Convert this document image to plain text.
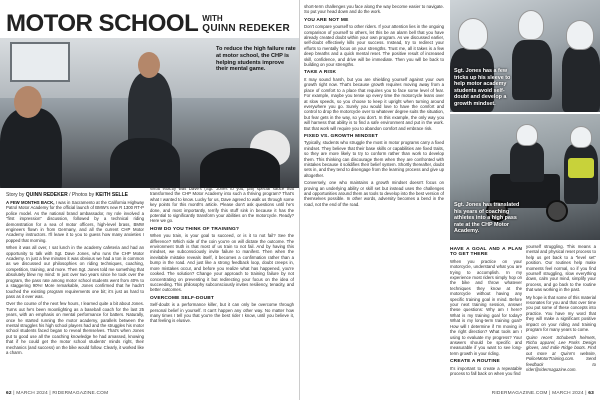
MOTOR SCHOOL WITH
QUINN REDEKER
To reduce the high failure rate at motor school, the CHP is helping students improve their mental game.
Story by QUINN REDEKER / Photos by KEITH SELLE

A FEW MONTHS BACK, I was in Sacramento at the California Highway Patrol Motor Academy for the official launch of BMW's new R 1300 RT-P police model. As the national brand ambassador, my role involved a "first impression" discussion, followed by a technical riding demonstration for a sea of motor officers, high-level brass, BMW engineers flown in from Germany, and all the current CHP Motor Academy instructors. I'll leave it to you to guess how many anxieties I popped that morning.

When it was all over, I sat lunch in the academy cafeteria and had an opportunity to talk with Sgt. Dave Jones, who runs the CHP Motor Academy. In just a few minutes it was obvious we had a ton in common as we discussed our philosophies on riding techniques, coaching, competition, training, and more. Then Sgt. Jones told me something that absolutely blew my mind: In just over two years since he took over the program, the pass rate among motor school students went from 40% to a staggering 90%! More remarkable, Jones confirmed that he hadn't touched the existing program requirements one bit; it's just as hard to pass as it ever was.

Over the course of the next few hours, I learned quite a bit about Jones. Turns out he's been moonlighting as a baseball coach for the last 25 years, with an emphasis on mental performance for batters. Naturally, once he started running the motor academy, parallels between the mental struggles his high school players had and the struggles his motor school students faced began to reveal themselves. That's when Jones put to good use all the coaching knowledge he had amassed, knowing that if he could get the motor school students' minds right, their mechanics (and success) on the bike would follow. Clearly, it worked like a charm.

What exactly was Dave's (Sgt. Jones to you, pal) special sauce that transformed the CHP Motor Academy into such a thriving program? That's what I wanted to know. Lucky for us, Dave agreed to walk us through some key points for this month's article. Please don't ask questions until he's done, and most importantly, terrify this stuff sink in because it has the potential to significantly transform your abilities on the motorcycle. Ready? Here we go.

HOW DO YOU THINK OF TRAINING?

When you train, is your goal to succeed, or is it to not fail? See the difference? Which side of the coin you're on will dictate the outcome. The environment truth is that most of us train to not fail. And by having this mindset, we subconsciously invite failure to manifest. Then when the inevitable mistake reveals itself, it becomes a confirmation rather than a bump in the road. And just like a strong feedback loop, doubt creeps in, more mistakes occur, and before you realize what has happened, you're cooked. The solution? Change your approach to training failure by not concentrating on preventing it but redirecting your focus on the idea of succeeding. This philosophy subconsciously invites resiliency, tenacity, and better outcomes.

OVERCOME SELF-DOUBT

Self-doubt is a performance killer, but it can only be overcome through personal belief in yourself. It can't happen any other way. No matter how many times I tell you that you're the best rider I know, until you believe it, that feeling is elusive.

62 | MARCH 2024 | RIDERMAGAZINE.COM

short-term challenges you face along the way become easier to navigate. So put your head down and do the work.

YOU ARE NOT ME

Don't compare yourself to other riders. If your attention lies in the ongoing comparison of yourself to others, let this be an alarm bell that you have already created doubt within your own program. As we discussed earlier, self-doubt effectively kills your success. Instead, try to redirect your efforts to mentally focus on your strengths. Trust me, all it takes is a few deep breaths and a quick mental reset. The positive result of increased skill, confidence, and drive will be immediate. Then you will be back to building on your strengths.

TAKE A RISK

It may sound harsh, but you are shielding yourself against your own growth right now. That's because growth requires moving away from a place of comfort to a place that requires you to face some level of fear. For example, maybe you tense up every time the motorcycle leans over at slow speeds, so you choose to keep it upright when turning around everywhere you go. Surely you would love to have the comfort and control to drop the motorcycle over to whatever degree suits the situation, but fear gets in the way, so you don't. In this example, the only way you will harness that ability is to find a safe environment and put in the work. But that work will require you to abandon comfort and embrace risk.

FIXED VS. GROWTH MINDSET

Typically, students who struggle the most in motor programs carry a fixed mindset. They believe that their base skills or capabilities are fixed traits, so they are more likely to try to conform rather than work to develop them. This thinking can discourage them when they are confronted with mistakes because it solidifies their belief system. Shortly thereafter, doubt sets in, and they tend to disengage from the learning process and give up altogether.

Conversely, one who maintains a growth mindset doesn't focus on proving an underlying ability or skill set but instead uses the challenges and opportunities around them as tools to develop into the best version of themselves possible. In other words, adversity becomes a bend in the road, not the end of the road.

Sgt. Jones has a few tricks up his sleeve to help motor academy students avoid self-doubt and develop a growth mindset.
Sgt. Jones has translated his years of coaching athletes into a high pass rate at the CHP Motor Academy.
HAVE A GOAL AND A PLAN TO GET THERE

When you practice on your motorcycle, understand what you are trying to accomplish. In my experience most riders simply hop on the bike and throw whatever techniques they know at the motorcycle without having any specific training goal in mind. Before your next training session, answer these questions: Why am I here? What is my training goal for today? What is my long-term training goal? How will I determine if I'm moving in the right direction? What tools am I using to evaluate my progress? Your answers should be specific and measurable if you want to see long-term growth in your riding.

CREATE A ROUTINE

It's important to create a repeatable process to fall back on when you find

yourself struggling. This means a mental and physical reset process to help us get back to a "level set" position. Our routines help make moments feel normal, so if you find yourself struggling, slow everything down, calm your mind, simplify your process, and go back to the routine that was working in the past.

My hope is that some of this material resonates for you and that over time you put some of these concepts into practice. You have my word that they will make a significant positive impact on your riding and training program for many years to come.

Quinn recert Schuberth helmets, Richa apparel, Lee Parks Design gloves, and Indie Ridge boots. Find out more at Quinn's website, PoliceMotorTraining.com. Send feedback to rider@ridermagazine.com.

RIDERMAGAZINE.COM | MARCH 2024 | 63
